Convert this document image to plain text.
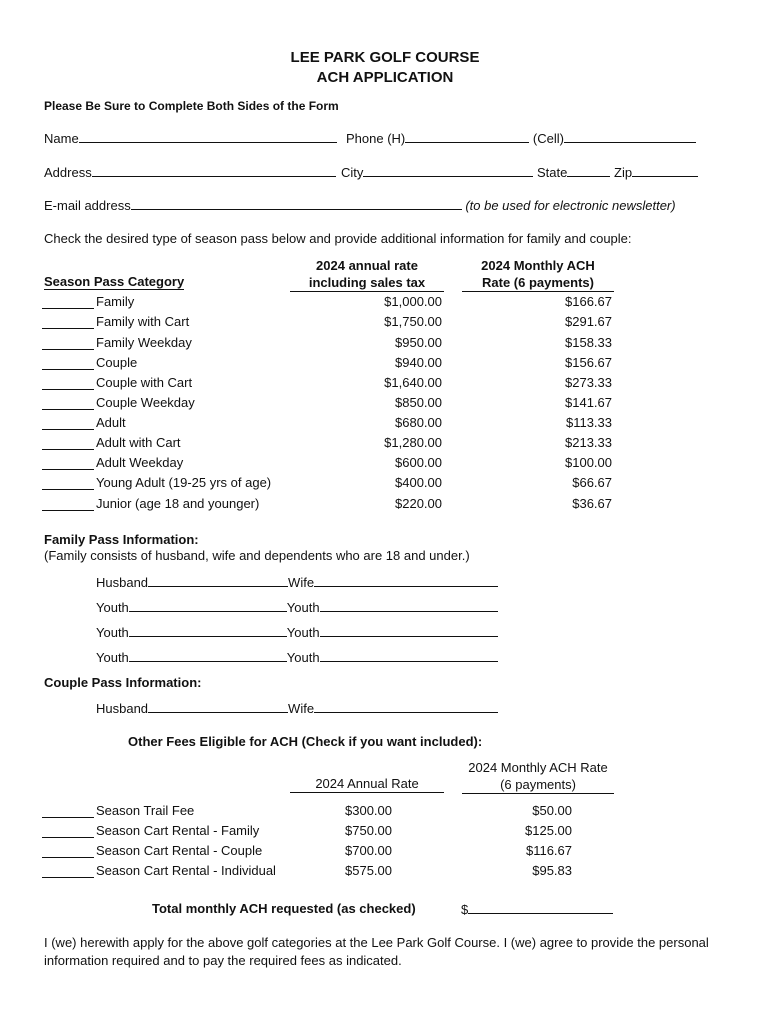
LEE PARK GOLF COURSE
ACH APPLICATION
Please Be Sure to Complete Both Sides of the Form
Name	Phone (H)	(Cell)
Address	City	State	Zip
E-mail address	(to be used for electronic newsletter)
Check the desired type of season pass below and provide additional information for family and couple:
Season Pass Category
2024 annual rate
including sales tax
2024 Monthly ACH
Rate (6 payments)
Family	$1,000.00	$166.67
Family with Cart	$1,750.00	$291.67
Family Weekday	$950.00	$158.33
Couple	$940.00	$156.67
Couple with Cart	$1,640.00	$273.33
Couple Weekday	$850.00	$141.67
Adult	$680.00	$113.33
Adult with Cart	$1,280.00	$213.33
Adult Weekday	$600.00	$100.00
Young Adult (19-25 yrs of age)	$400.00	$66.67
Junior (age 18 and younger)	$220.00	$36.67
Family Pass Information:
(Family consists of husband, wife and dependents who are 18 and under.)
Husband	Wife
Youth	Youth
Youth	Youth
Youth	Youth
Couple Pass Information:
Husband	Wife
Other Fees Eligible for ACH (Check if you want included):
2024 Annual Rate
2024 Monthly ACH Rate
(6 payments)
Season Trail Fee	$300.00	$50.00
Season Cart Rental - Family	$750.00	$125.00
Season Cart Rental - Couple	$700.00	$116.67
Season Cart Rental - Individual	$575.00	$95.83
Total monthly ACH requested (as checked)	$
I (we) herewith apply for the above golf categories at the Lee Park Golf Course. I (we) agree to provide the personal information required and to pay the required fees as indicated.
